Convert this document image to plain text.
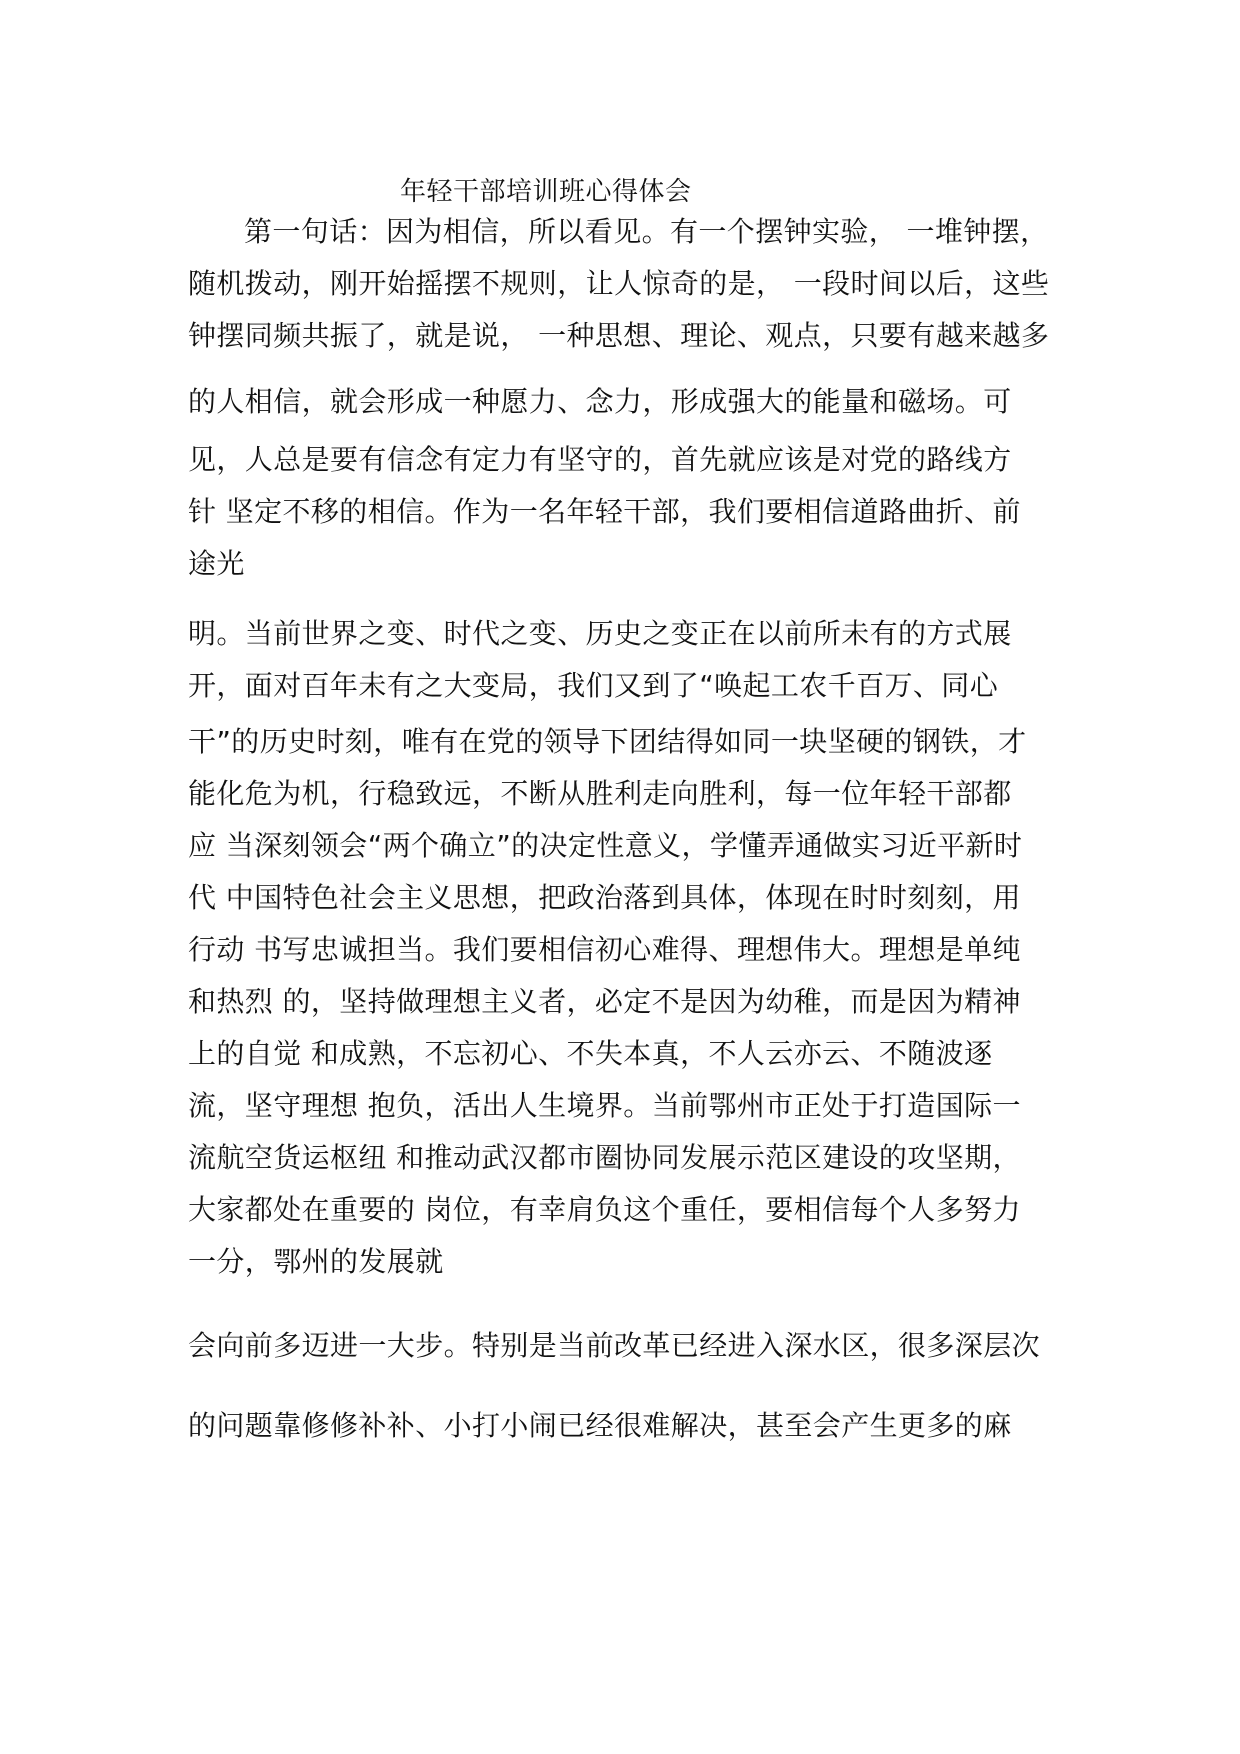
年轻干部培训班心得体会
第一句话：因为相信，所以看见。有一个摆钟实验， 一堆钟摆，
随机拨动，刚开始摇摆不规则，让人惊奇的是， 一段时间以后，这些
钟摆同频共振了，就是说， 一种思想、理论、观点，只要有越来越多
的人相信，就会形成一种愿力、念力，形成强大的能量和磁场。可
见，人总是要有信念有定力有坚守的，首先就应该是对党的路线方
针 坚定不移的相信。作为一名年轻干部，我们要相信道路曲折、前
途光
明。当前世界之变、时代之变、历史之变正在以前所未有的方式展
开，面对百年未有之大变局，我们又到了“唤起工农千百万、同心
干”的历史时刻，唯有在党的领导下团结得如同一块坚硬的钢铁，才
能化危为机，行稳致远，不断从胜利走向胜利，每一位年轻干部都
应 当深刻领会“两个确立”的决定性意义，学懂弄通做实习近平新时
代 中国特色社会主义思想，把政治落到具体，体现在时时刻刻，用
行动 书写忠诚担当。我们要相信初心难得、理想伟大。理想是单纯
和热烈 的，坚持做理想主义者，必定不是因为幼稚，而是因为精神
上的自觉 和成熟，不忘初心、不失本真，不人云亦云、不随波逐
流，坚守理想 抱负，活出人生境界。当前鄂州市正处于打造国际一
流航空货运枢纽 和推动武汉都市圈协同发展示范区建设的攻坚期，
大家都处在重要的 岗位，有幸肩负这个重任，要相信每个人多努力
一分，鄂州的发展就
会向前多迈进一大步。特别是当前改革已经进入深水区，很多深层次
的问题靠修修补补、小打小闹已经很难解决，甚至会产生更多的麻
